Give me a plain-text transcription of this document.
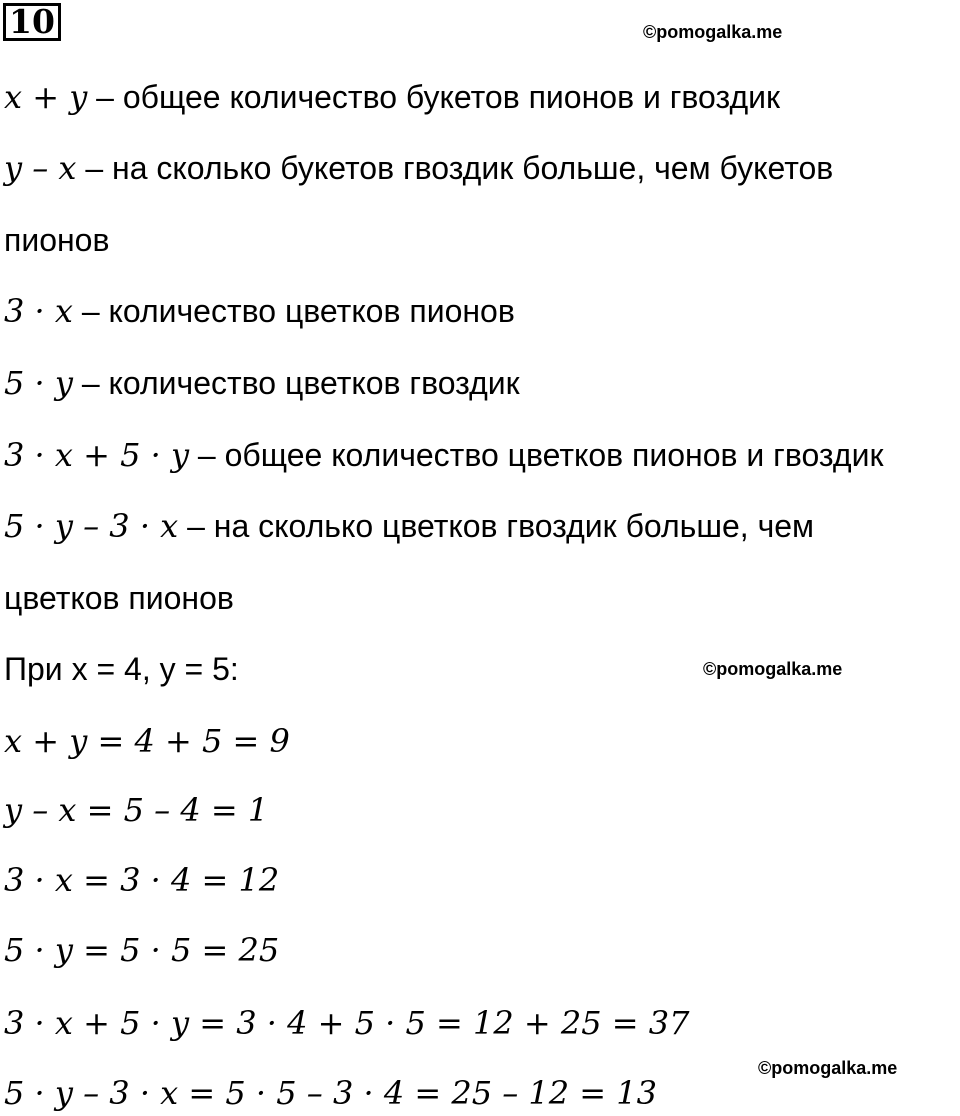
10	©pomogalka.me
©pomogalka.me
©pomogalka.me
x + y – общее количество букетов пионов и гвоздик
y – x – на сколько букетов гвоздик больше, чем букетов
пионов
3 · x – количество цветков пионов
5 · y – количество цветков гвоздик
3 · x + 5 · y – общее количество цветков пионов и гвоздик
5 · y – 3 · x – на сколько цветков гвоздик больше, чем
цветков пионов
При x = 4, y = 5:
x + y = 4 + 5 = 9
y – x = 5 – 4 = 1
3 · x = 3 · 4 = 12
5 · y = 5 · 5 = 25
3 · x + 5 · y = 3 · 4 + 5 · 5 = 12 + 25 = 37
5 · y – 3 · x = 5 · 5 – 3 · 4 = 25 – 12 = 13
